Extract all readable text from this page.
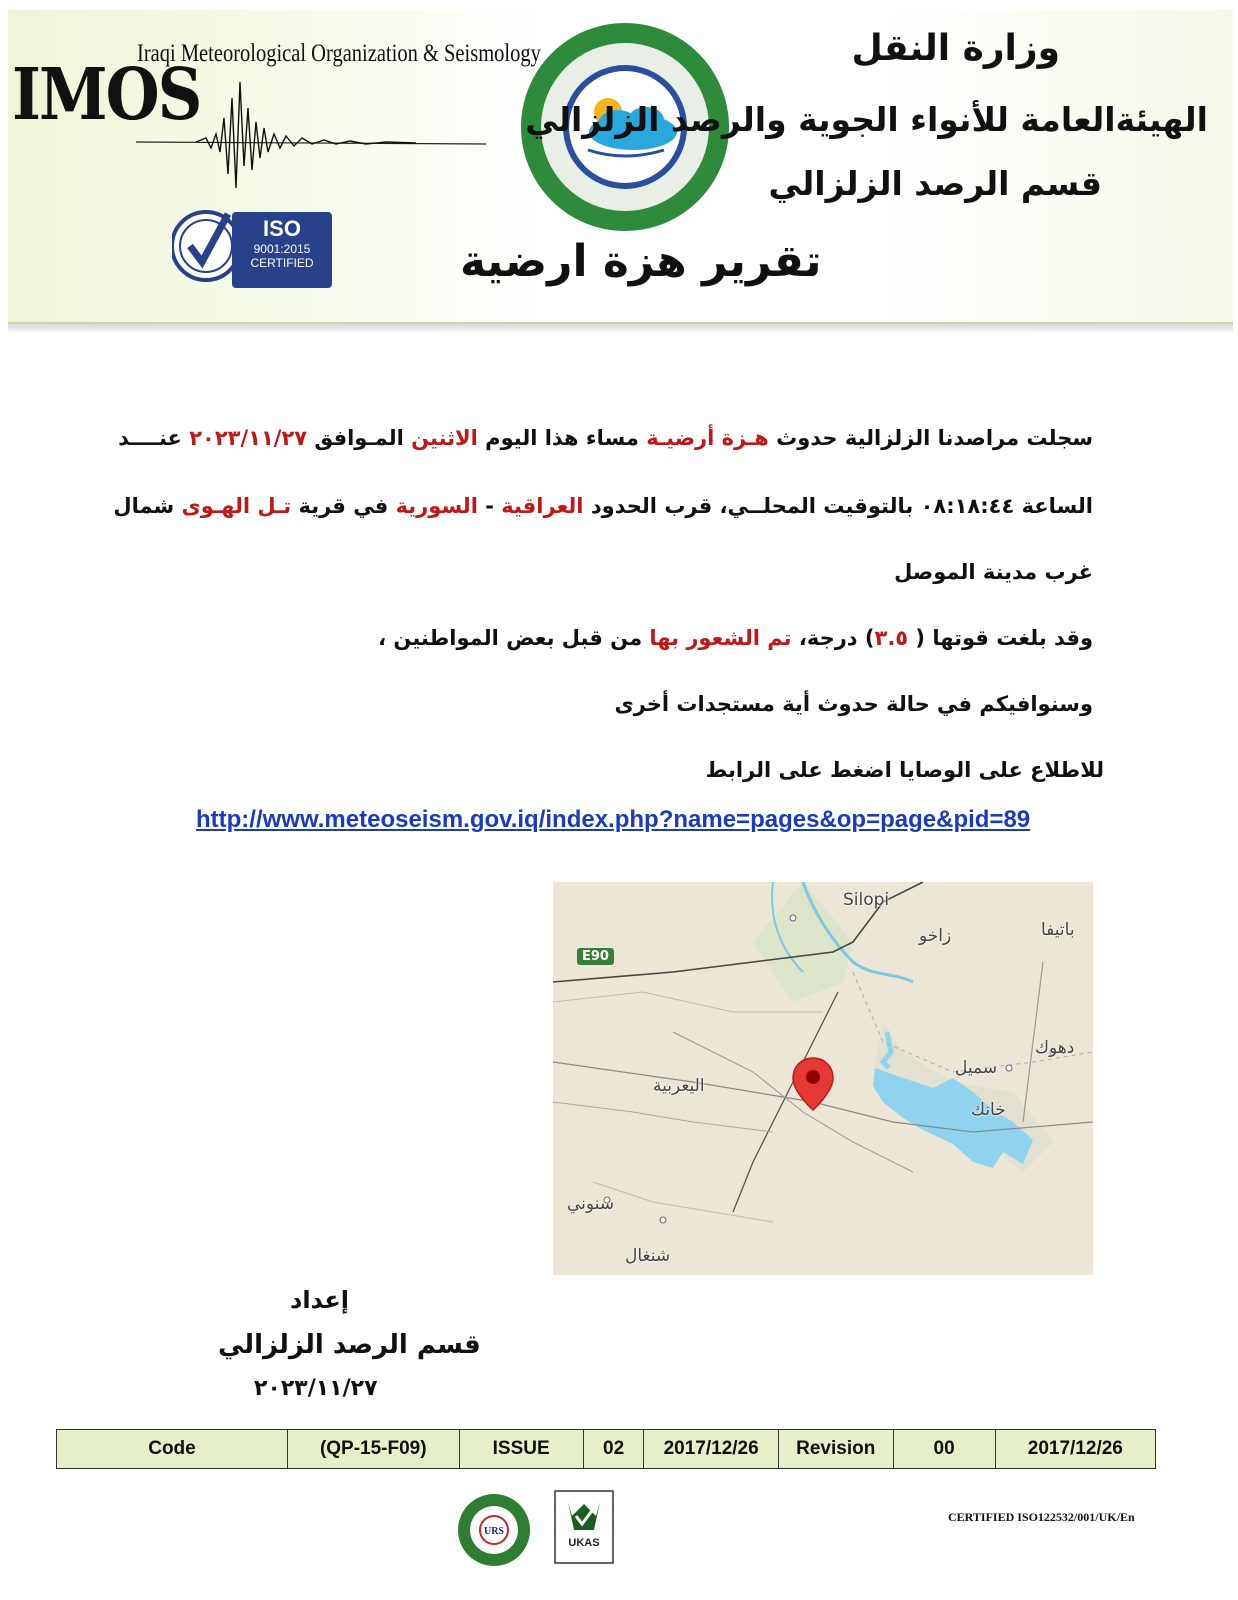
IMOS
Iraqi Meteorological Organization & Seismology
ISO
9001:2015
CERTIFIED
وزارة النقل
الهيئةالعامة للأنواء الجوية والرصد الزلزالي
قسم الرصد الزلزالي
تقرير هزة ارضية
سجلت مراصدنا الزلزالية حدوث هـزة أرضيـة مساء هذا اليوم الاثنين المـوافق ٢٠٢٣/١١/٢٧ عنــــد
الساعة ٠٨:١٨:٤٤ بالتوقيت المحلــي، قرب الحدود العراقية - السورية في قرية تـل الهـوى شمال
غرب مدينة الموصل
وقد بلغت قوتها ( ٣.٥) درجة، تم الشعور بها من قبل بعض المواطنين ،
وسنوافيكم في حالة حدوث أية مستجدات أخرى
للاطلاع على الوصايا اضغط على الرابط
http://www.meteoseism.gov.iq/index.php?name=pages&op=page&pid=89
Silopi
زاخو	باتيفا
E90
دهوك
سميل
خانك
اليعربية
سنوني
شنغال
إعداد
قسم الرصد الزلزالي
٢٠٢٣/١١/٢٧
Code	(QP-15-F09)	ISSUE	02	2017/12/26	Revision	00	2017/12/26
URS
UKAS
CERTIFIED ISO122532/001/UK/En
